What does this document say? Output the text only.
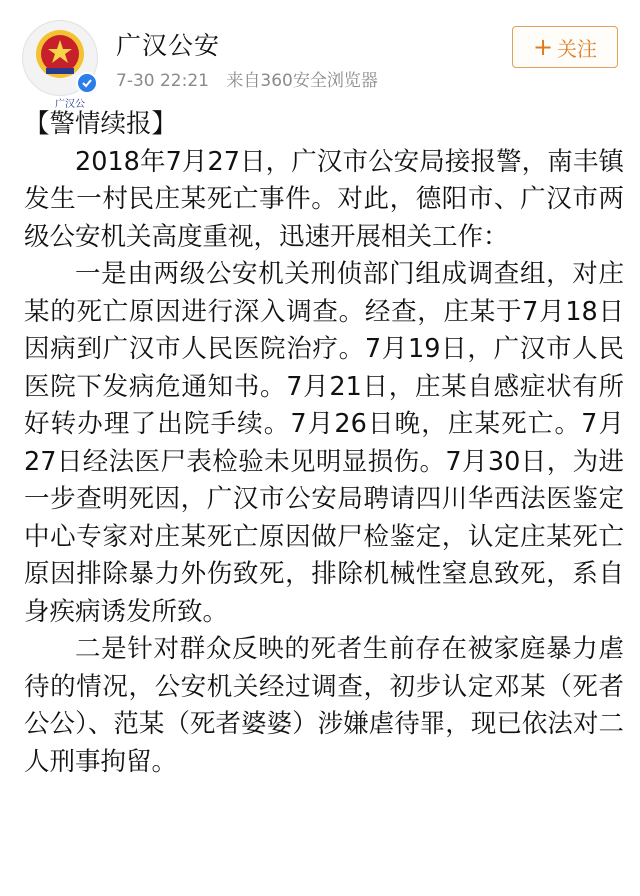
广汉公
广汉公安
7-30 22:21 来自360安全浏览器
+ 关注

【警情续报】

2018年7月27日，广汉市公安局接报警，南丰镇发生一村民庄某死亡事件。对此，德阳市、广汉市两级公安机关高度重视，迅速开展相关工作：

一是由两级公安机关刑侦部门组成调查组，对庄某的死亡原因进行深入调查。经查，庄某于7月18日因病到广汉市人民医院治疗。7月19日，广汉市人民医院下发病危通知书。7月21日，庄某自感症状有所好转办理了出院手续。7月26日晚，庄某死亡。7月27日经法医尸表检验未见明显损伤。7月30日，为进一步查明死因，广汉市公安局聘请四川华西法医鉴定中心专家对庄某死亡原因做尸检鉴定，认定庄某死亡原因排除暴力外伤致死，排除机械性窒息致死，系自身疾病诱发所致。

二是针对群众反映的死者生前存在被家庭暴力虐待的情况，公安机关经过调查，初步认定邓某（死者公公）、范某（死者婆婆）涉嫌虐待罪，现已依法对二人刑事拘留。
